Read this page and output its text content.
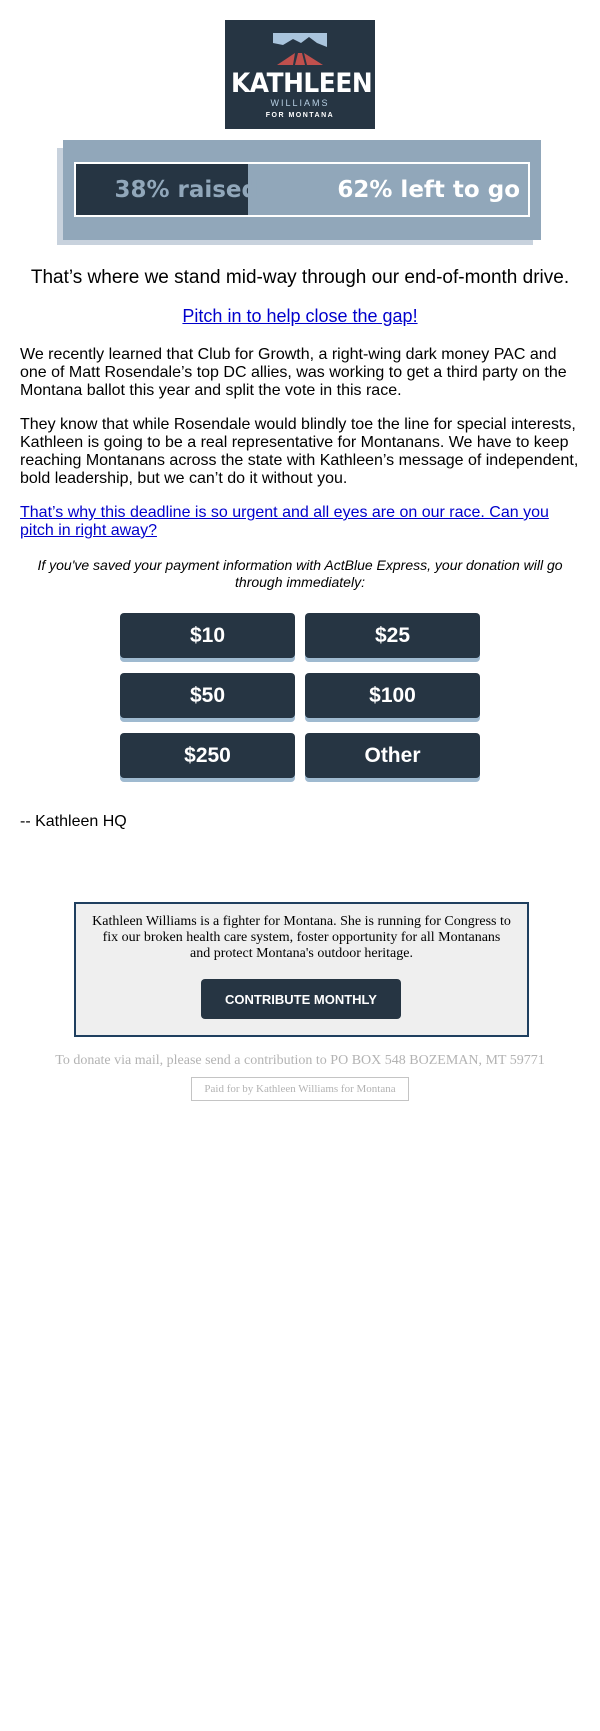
KATHLEEN
WILLIAMS
FOR MONTANA
38% raised	62% left to go
That’s where we stand mid-way through our end-of-month drive.
Pitch in to help close the gap!
We recently learned that Club for Growth, a right-wing dark money PAC and one of Matt Rosendale’s top DC allies, was working to get a third party on the Montana ballot this year and split the vote in this race.
They know that while Rosendale would blindly toe the line for special interests, Kathleen is going to be a real representative for Montanans. We have to keep reaching Montanans across the state with Kathleen’s message of independent, bold leadership, but we can’t do it without you.
That’s why this deadline is so urgent and all eyes are on our race. Can you pitch in right away?
If you've saved your payment information with ActBlue Express, your donation will go through immediately:
$10	$25
$50	$100
$250	Other
-- Kathleen HQ
Kathleen Williams is a fighter for Montana. She is running for Congress to fix our broken health care system, foster opportunity for all Montanans and protect Montana's outdoor heritage.
CONTRIBUTE MONTHLY
To donate via mail, please send a contribution to PO BOX 548 BOZEMAN, MT 59771
Paid for by Kathleen Williams for Montana
